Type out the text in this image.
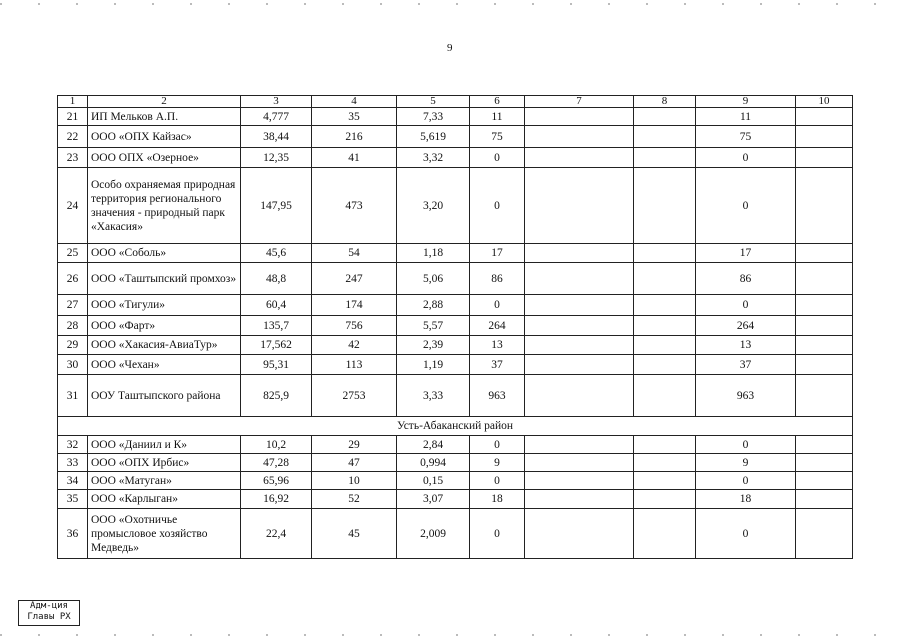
9
1	2	3	4	5	6	7	8	9	10
21	ИП Мельков А.П.	4,777	35	7,33	11			11	
22	ООО «ОПХ Кайзас»	38,44	216	5,619	75			75	
23	ООО ОПХ «Озерное»	12,35	41	3,32	0			0	
24	Особо охраняемая природная территория регионального значения - природный парк «Хакасия»	147,95	473	3,20	0			0	
25	ООО «Соболь»	45,6	54	1,18	17			17	
26	ООО «Таштыпский промхоз»	48,8	247	5,06	86			86	
27	ООО «Тигули»	60,4	174	2,88	0			0	
28	ООО «Фарт»	135,7	756	5,57	264			264	
29	ООО «Хакасия-АвиаТур»	17,562	42	2,39	13			13	
30	ООО «Чехан»	95,31	113	1,19	37			37	
31	ООУ Таштыпского района	825,9	2753	3,33	963			963	
Усть-Абаканский район									
32	ООО «Даниил и К»	10,2	29	2,84	0			0	
33	ООО «ОПХ Ирбис»	47,28	47	0,994	9			9	
34	ООО «Матуган»	65,96	10	0,15	0			0	
35	ООО «Карлыган»	16,92	52	3,07	18			18	
36	ООО «Охотничье промысловое хозяйство Медведь»	22,4	45	2,009	0			0	
Адм-ция
Главы РХ
